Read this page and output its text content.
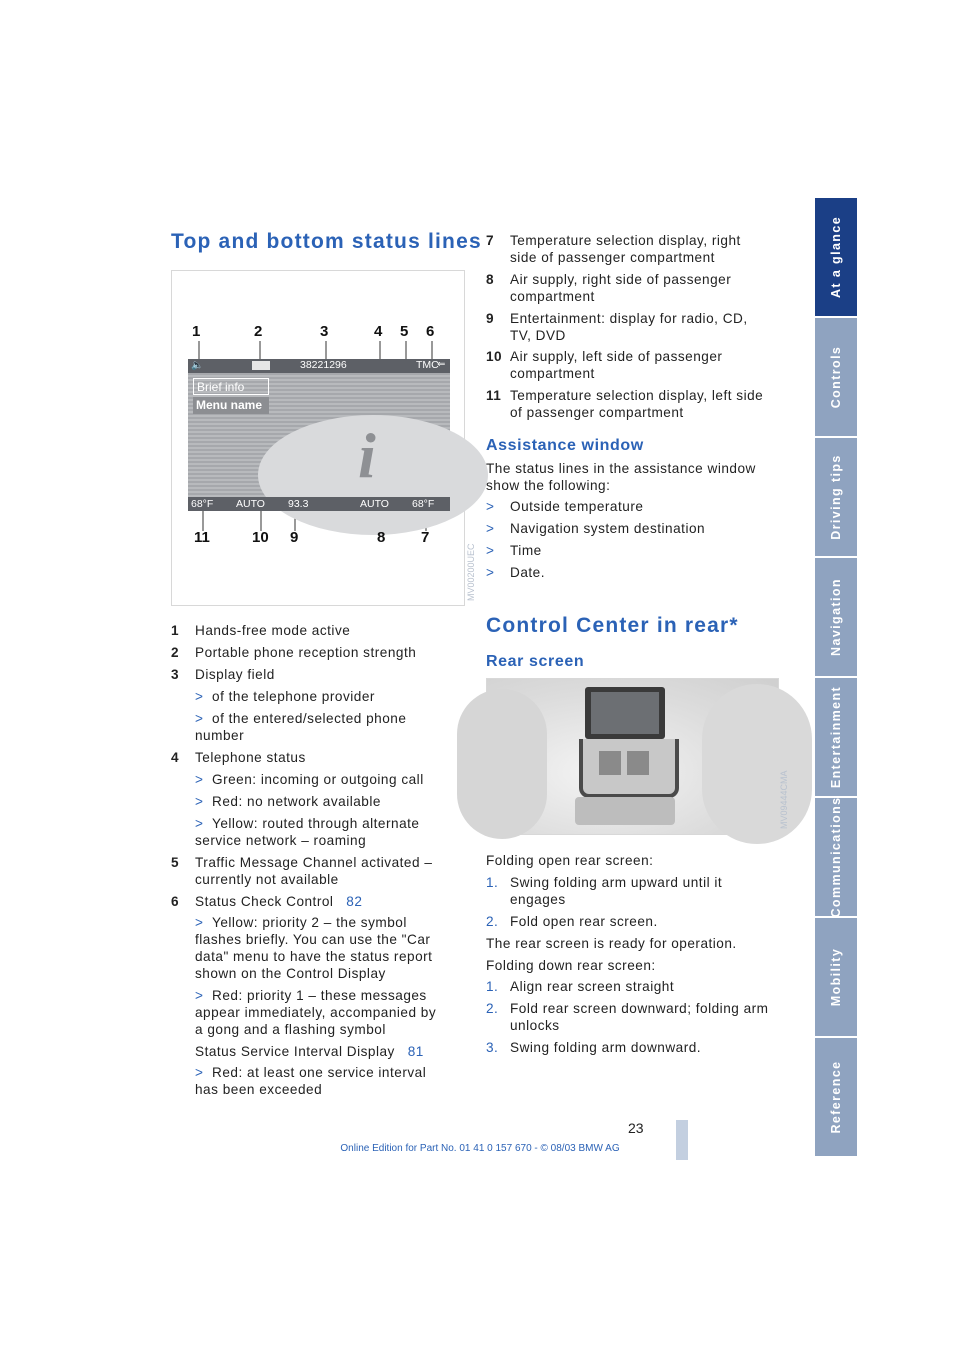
At a glance
Controls
Driving tips
Navigation
Entertainment
Communications
Mobility
Reference
Top and bottom status lines
1	2	3	4 5 6
🔈	38221296	TMC
⇐
i
Brief info
Menu name
68°F AUTO 93.3	AUTO 68°F
11	10 9	8 7
MV00200UEC
1 Hands-free mode active
2 Portable phone reception strength
3 Display field
> of the telephone provider
> of the entered/selected phone
number
4 Telephone status
> Green: incoming or outgoing call
> Red: no network available
> Yellow: routed through alternate
service network – roaming
5 Traffic Message Channel activated –
currently not available
6 Status Check Control 82
> Yellow: priority 2 – the symbol
flashes briefly. You can use the "Car
data" menu to have the status report
shown on the Control Display
> Red: priority 1 – these messages
appear immediately, accompanied by
a gong and a flashing symbol
Status Service Interval Display 81
> Red: at least one service interval
has been exceeded
7 Temperature selection display, right
side of passenger compartment
8 Air supply, right side of passenger
compartment
9 Entertainment: display for radio, CD,
TV, DVD
10 Air supply, left side of passenger
compartment
11 Temperature selection display, left side
of passenger compartment
Assistance window
The status lines in the assistance window
show the following:
> Outside temperature
> Navigation system destination
> Time
> Date.
Control Center in rear*
Rear screen
MV09444CMA
Folding open rear screen:
1. Swing folding arm upward until it
engages
2. Fold open rear screen.
The rear screen is ready for operation.
Folding down rear screen:
1. Align rear screen straight
2. Fold rear screen downward; folding arm
unlocks
3. Swing folding arm downward.
23
Online Edition for Part No. 01 41 0 157 670 - © 08/03 BMW AG
